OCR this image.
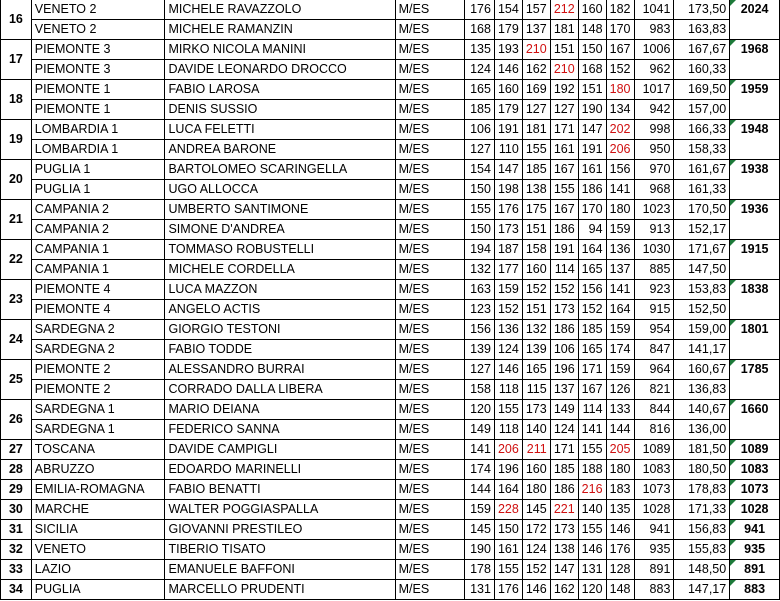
16	VENETO 2	MICHELE RAVAZZOLO	M/ES	176	154	157	212	160	182	1041	173,50	2024
	VENETO 2	MICHELE RAMANZIN	M/ES	168	179	137	181	148	170	983	163,83	
17	PIEMONTE 3	MIRKO NICOLA MANINI	M/ES	135	193	210	151	150	167	1006	167,67	1968
	PIEMONTE 3	DAVIDE LEONARDO DROCCO	M/ES	124	146	162	210	168	152	962	160,33	
18	PIEMONTE 1	FABIO LAROSA	M/ES	165	160	169	192	151	180	1017	169,50	1959
	PIEMONTE 1	DENIS SUSSIO	M/ES	185	179	127	127	190	134	942	157,00	
19	LOMBARDIA 1	LUCA FELETTI	M/ES	106	191	181	171	147	202	998	166,33	1948
	LOMBARDIA 1	ANDREA BARONE	M/ES	127	110	155	161	191	206	950	158,33	
20	PUGLIA 1	BARTOLOMEO SCARINGELLA	M/ES	154	147	185	167	161	156	970	161,67	1938
	PUGLIA 1	UGO ALLOCCA	M/ES	150	198	138	155	186	141	968	161,33	
21	CAMPANIA 2	UMBERTO SANTIMONE	M/ES	155	176	175	167	170	180	1023	170,50	1936
	CAMPANIA 2	SIMONE D'ANDREA	M/ES	150	173	151	186	94	159	913	152,17	
22	CAMPANIA 1	TOMMASO ROBUSTELLI	M/ES	194	187	158	191	164	136	1030	171,67	1915
	CAMPANIA 1	MICHELE CORDELLA	M/ES	132	177	160	114	165	137	885	147,50	
23	PIEMONTE 4	LUCA MAZZON	M/ES	163	159	152	152	156	141	923	153,83	1838
	PIEMONTE 4	ANGELO ACTIS	M/ES	123	152	151	173	152	164	915	152,50	
24	SARDEGNA 2	GIORGIO TESTONI	M/ES	156	136	132	186	185	159	954	159,00	1801
	SARDEGNA 2	FABIO TODDE	M/ES	139	124	139	106	165	174	847	141,17	
25	PIEMONTE 2	ALESSANDRO BURRAI	M/ES	127	146	165	196	171	159	964	160,67	1785
	PIEMONTE 2	CORRADO DALLA LIBERA	M/ES	158	118	115	137	167	126	821	136,83	
26	SARDEGNA 1	MARIO DEIANA	M/ES	120	155	173	149	114	133	844	140,67	1660
	SARDEGNA 1	FEDERICO SANNA	M/ES	149	118	140	124	141	144	816	136,00	
27	TOSCANA	DAVIDE CAMPIGLI	M/ES	141	206	211	171	155	205	1089	181,50	1089
28	ABRUZZO	EDOARDO MARINELLI	M/ES	174	196	160	185	188	180	1083	180,50	1083
29	EMILIA-ROMAGNA	FABIO BENATTI	M/ES	144	164	180	186	216	183	1073	178,83	1073
30	MARCHE	WALTER POGGIASPALLA	M/ES	159	228	145	221	140	135	1028	171,33	1028
31	SICILIA	GIOVANNI PRESTILEO	M/ES	145	150	172	173	155	146	941	156,83	941
32	VENETO	TIBERIO TISATO	M/ES	190	161	124	138	146	176	935	155,83	935
33	LAZIO	EMANUELE BAFFONI	M/ES	178	155	152	147	131	128	891	148,50	891
34	PUGLIA	MARCELLO PRUDENTI	M/ES	131	176	146	162	120	148	883	147,17	883
